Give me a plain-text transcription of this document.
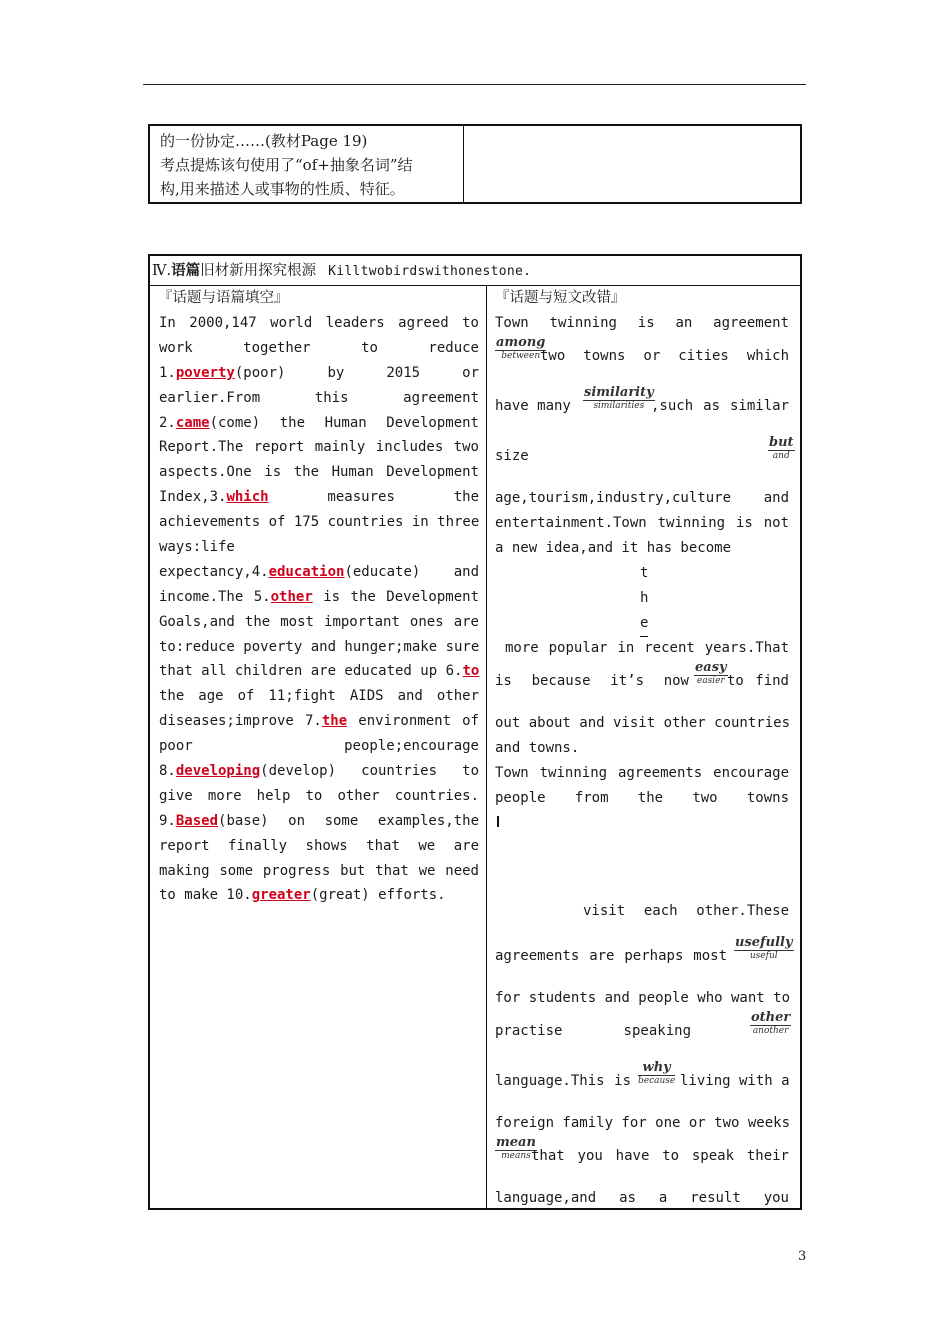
的一份协定……(教材Page 19)
考点提炼该句使用了“of+抽象名词”结
构,用来描述人或事物的性质、特征。
Ⅳ.语篇旧材新用探究根源 Killtwobirdswithonestone.
『话题与语篇填空』
In 2000,147 world leaders agreed to
work together to reduce
1.poverty(poor) by 2015 or
earlier.From this agreement
2.came(come) the Human Development
Report.The report mainly includes two
aspects.One is the Human Development
Index,3.which measures the
achievements of 175 countries in three
ways:life
expectancy,4.education(educate) and
income.The 5.other is the Development
Goals,and the most important ones are
to:reduce poverty and hunger;make sure
that all children are educated up 6.to
the age of 11;fight AIDS and other
diseases;improve 7.the environment of
poor people;encourage
8.developing(develop) countries to
give more help to other countries.
9.Based(base) on some examples,the
report finally shows that we are
making some progress but that we need
to make 10.greater(great) efforts.
『话题与短文改错』
Town twinning is an agreement
among
between two towns or cities which
have many
similarity
similarities ,such as similar
size
but
and
age,tourism,industry,culture and
entertainment.Town twinning is not
a new idea,and it has become
t
h
e
more popular in recent years.That
is because it’s now
easy
easier to find
out about and visit other countries
and towns.
Town twinning agreements encourage
people from the two towns
visit each other.These
agreements are perhaps most
usefully
useful
for students and people who want to
practise speaking
other
another
language.This is
why
because living with a
foreign family for one or two weeks
mean
means that you have to speak their
language,and as a result you
3
